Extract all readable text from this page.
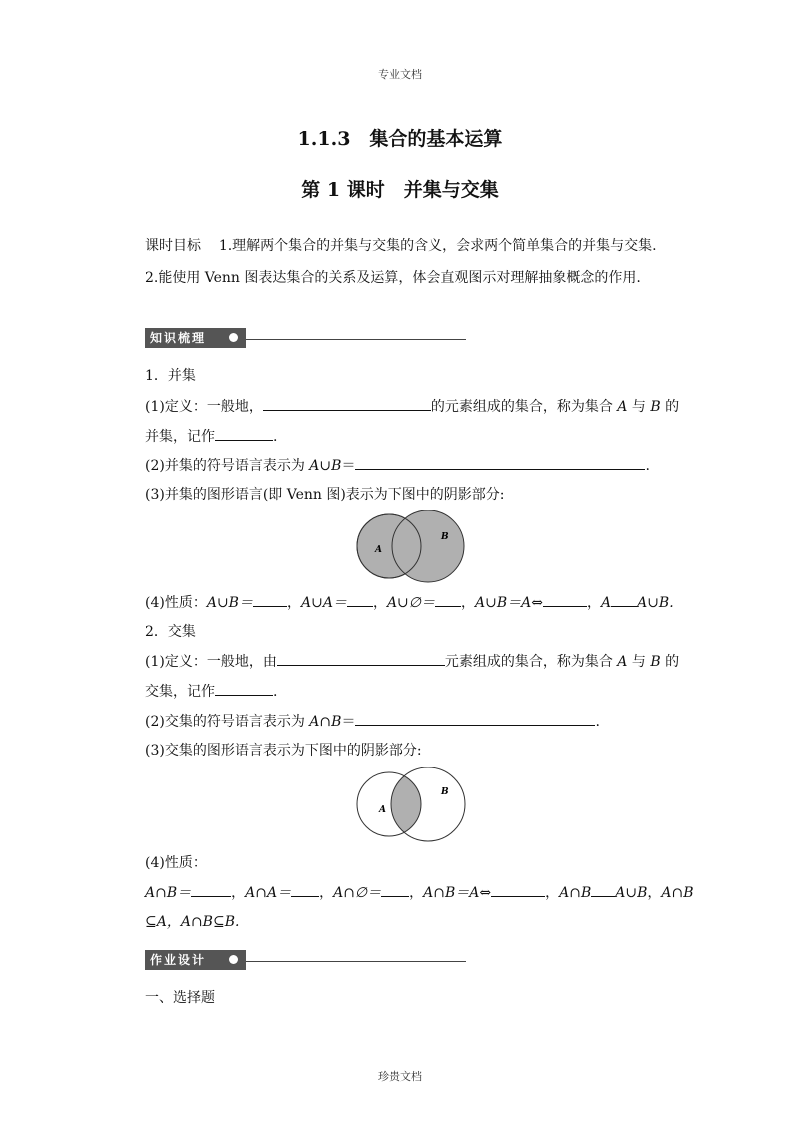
专业文档
1.1.3　集合的基本运算
第 1 课时　并集与交集
课时目标 1.理解两个集合的并集与交集的含义，会求两个简单集合的并集与交集.
2.能使用 Venn 图表达集合的关系及运算，体会直观图示对理解抽象概念的作用.
知识梳理
1．并集
(1)定义：一般地，	的元素组成的集合，称为集合 A 与 B 的
并集，记作	.
(2)并集的符号语言表示为 A∪B＝	.
(3)并集的图形语言(即 Venn 图)表示为下图中的阴影部分:
A
B
(4)性质：A∪B＝ ，A∪A＝ ，A∪∅＝ ，A∪B＝A⇔	，A A∪B.
2．交集
(1)定义：一般地，由	元素组成的集合，称为集合 A 与 B 的
交集，记作	.
(2)交集的符号语言表示为 A∩B＝	.
(3)交集的图形语言表示为下图中的阴影部分:
A
B
(4)性质：
A∩B＝	，A∩A＝ ，A∩∅＝ ，A∩B＝A⇔	，A∩B A∪B，A∩B
⊆A，A∩B⊆B.
作业设计
一、选择题
珍贵文档
